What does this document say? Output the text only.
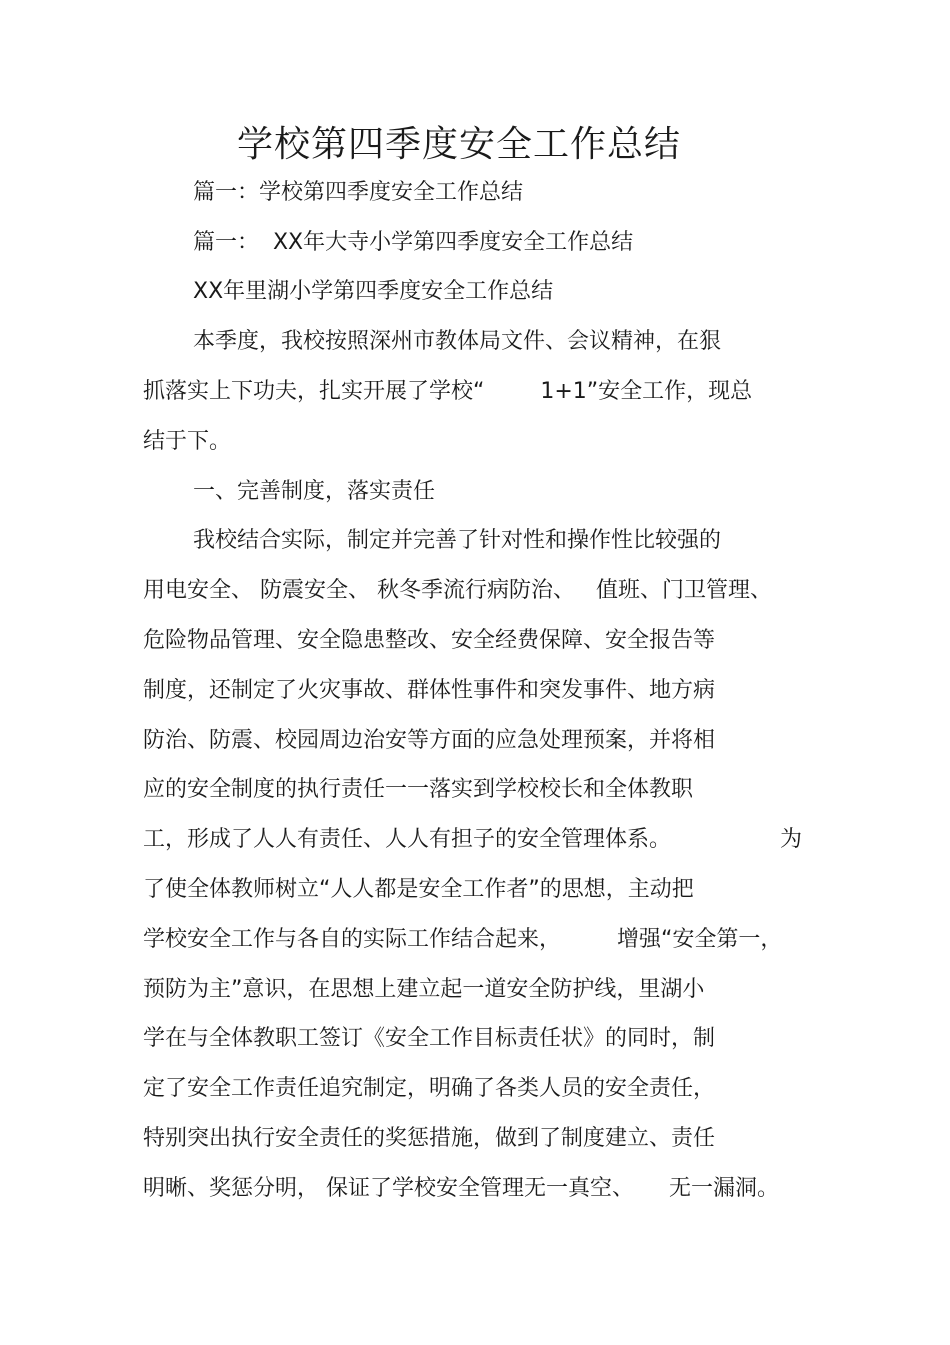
学校第四季度安全工作总结
篇一：学校第四季度安全工作总结
篇一：  XX年大寺小学第四季度安全工作总结
XX年里湖小学第四季度安全工作总结
本季度，我校按照深州市教体局文件、会议精神，在狠
抓落实上下功夫，扎实开展了学校“        1+1”安全工作，现总
结于下。
一、完善制度，落实责任
我校结合实际，制定并完善了针对性和操作性比较强的
用电安全、 防震安全、 秋冬季流行病防治、   值班、门卫管理、
危险物品管理、安全隐患整改、安全经费保障、安全报告等
制度，还制定了火灾事故、群体性事件和突发事件、地方病
防治、防震、校园周边治安等方面的应急处理预案，并将相
应的安全制度的执行责任一一落实到学校校长和全体教职
工，形成了人人有责任、人人有担子的安全管理体系。	为
了使全体教师树立“人人都是安全工作者”的思想，主动把
学校安全工作与各自的实际工作结合起来，        增强“安全第一，
预防为主”意识，在思想上建立起一道安全防护线，里湖小
学在与全体教职工签订《安全工作目标责任状》的同时，制
定了安全工作责任追究制定，明确了各类人员的安全责任，
特别突出执行安全责任的奖惩措施，做到了制度建立、责任
明晰、奖惩分明， 保证了学校安全管理无一真空、     无一漏洞。
